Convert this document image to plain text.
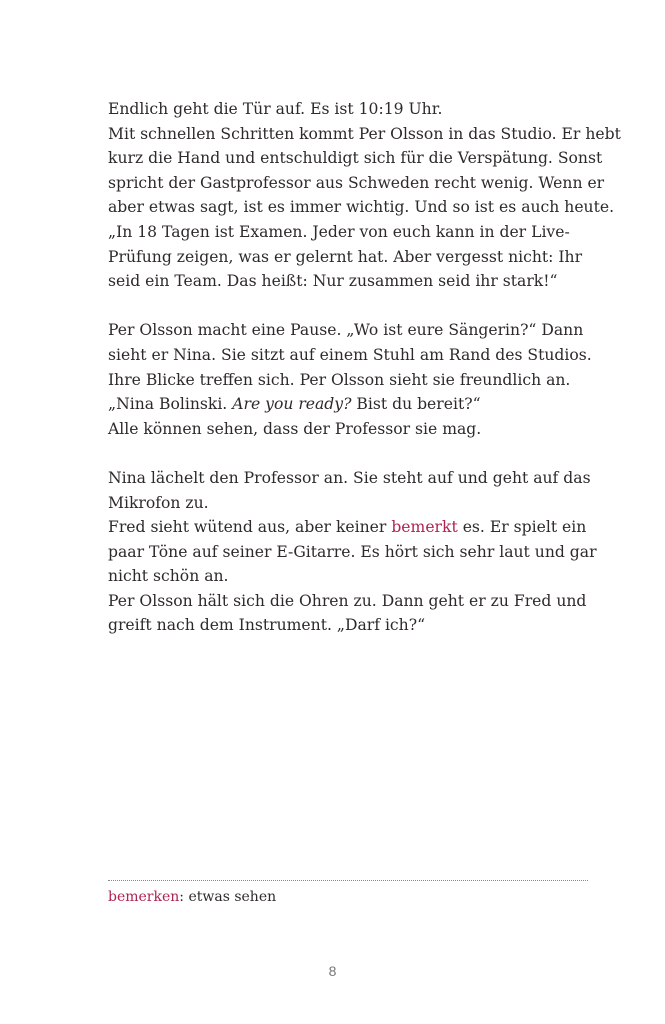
Endlich geht die Tür auf. Es ist 10:19 Uhr.
Mit schnellen Schritten kommt Per Olsson in das Studio. Er hebt
kurz die Hand und entschuldigt sich für die Verspätung. Sonst
spricht der Gastprofessor aus Schweden recht wenig. Wenn er
aber etwas sagt, ist es immer wichtig. Und so ist es auch heute.
„In 18 Tagen ist Examen. Jeder von euch kann in der Live-
Prüfung zeigen, was er gelernt hat. Aber vergesst nicht: Ihr
seid ein Team. Das heißt: Nur zusammen seid ihr stark!“
Per Olsson macht eine Pause. „Wo ist eure Sängerin?“ Dann
sieht er Nina. Sie sitzt auf einem Stuhl am Rand des Studios.
Ihre Blicke treffen sich. Per Olsson sieht sie freundlich an.
„Nina Bolinski. Are you ready? Bist du bereit?“
Alle können sehen, dass der Professor sie mag.
Nina lächelt den Professor an. Sie steht auf und geht auf das
Mikrofon zu.
Fred sieht wütend aus, aber keiner bemerkt es. Er spielt ein
paar Töne auf seiner E-Gitarre. Es hört sich sehr laut und gar
nicht schön an.
Per Olsson hält sich die Ohren zu. Dann geht er zu Fred und
greift nach dem Instrument. „Darf ich?“
bemerken: etwas sehen
8
